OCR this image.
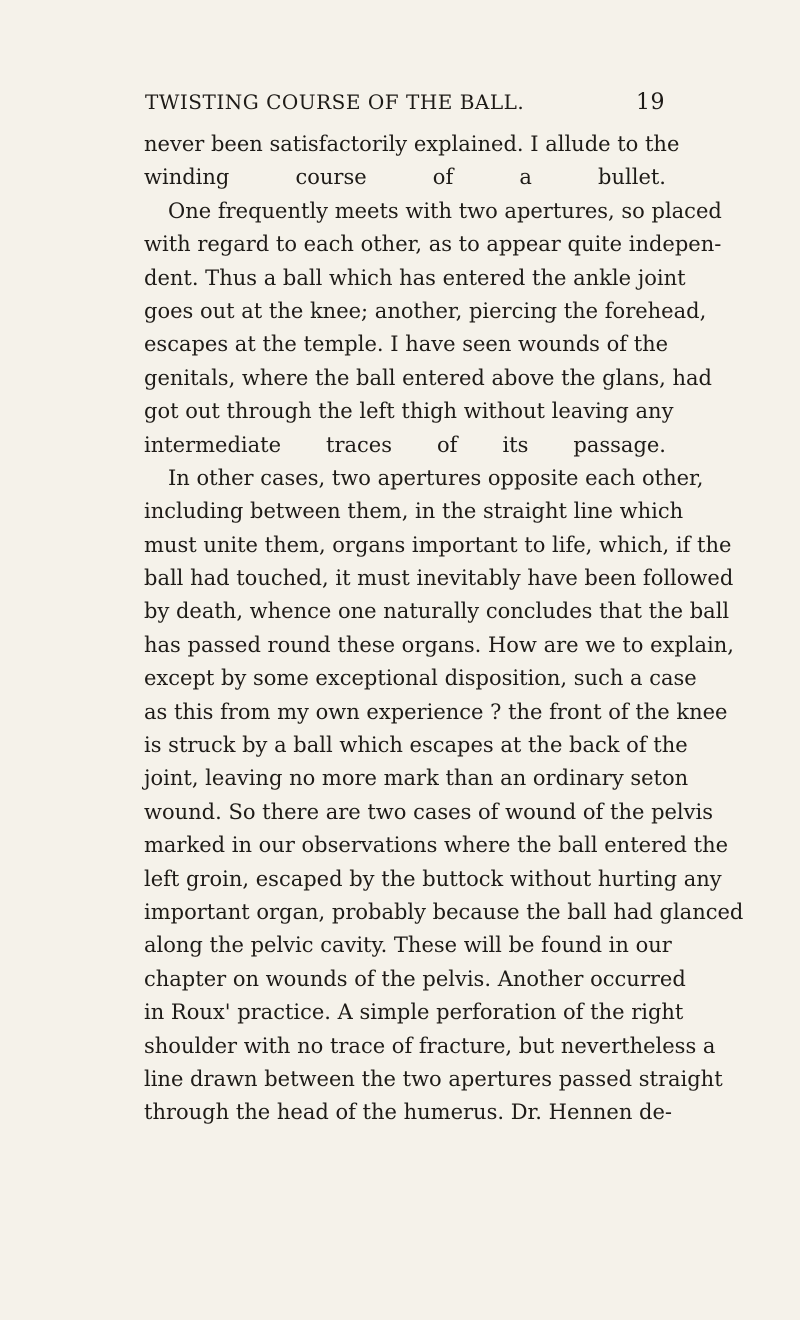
TWISTING COURSE OF THE BALL.	19
never been satisfactorily explained. I allude to the
winding course of a bullet.
One frequently meets with two apertures, so placed
with regard to each other, as to appear quite indepen-
dent. Thus a ball which has entered the ankle joint
goes out at the knee; another, piercing the forehead,
escapes at the temple. I have seen wounds of the
genitals, where the ball entered above the glans, had
got out through the left thigh without leaving any
intermediate traces of its passage.
In other cases, two apertures opposite each other,
including between them, in the straight line which
must unite them, organs important to life, which, if the
ball had touched, it must inevitably have been followed
by death, whence one naturally concludes that the ball
has passed round these organs. How are we to explain,
except by some exceptional disposition, such a case
as this from my own experience ? the front of the knee
is struck by a ball which escapes at the back of the
joint, leaving no more mark than an ordinary seton
wound. So there are two cases of wound of the pelvis
marked in our observations where the ball entered the
left groin, escaped by the buttock without hurting any
important organ, probably because the ball had glanced
along the pelvic cavity. These will be found in our
chapter on wounds of the pelvis. Another occurred
in Roux' practice. A simple perforation of the right
shoulder with no trace of fracture, but nevertheless a
line drawn between the two apertures passed straight
through the head of the humerus. Dr. Hennen de-
